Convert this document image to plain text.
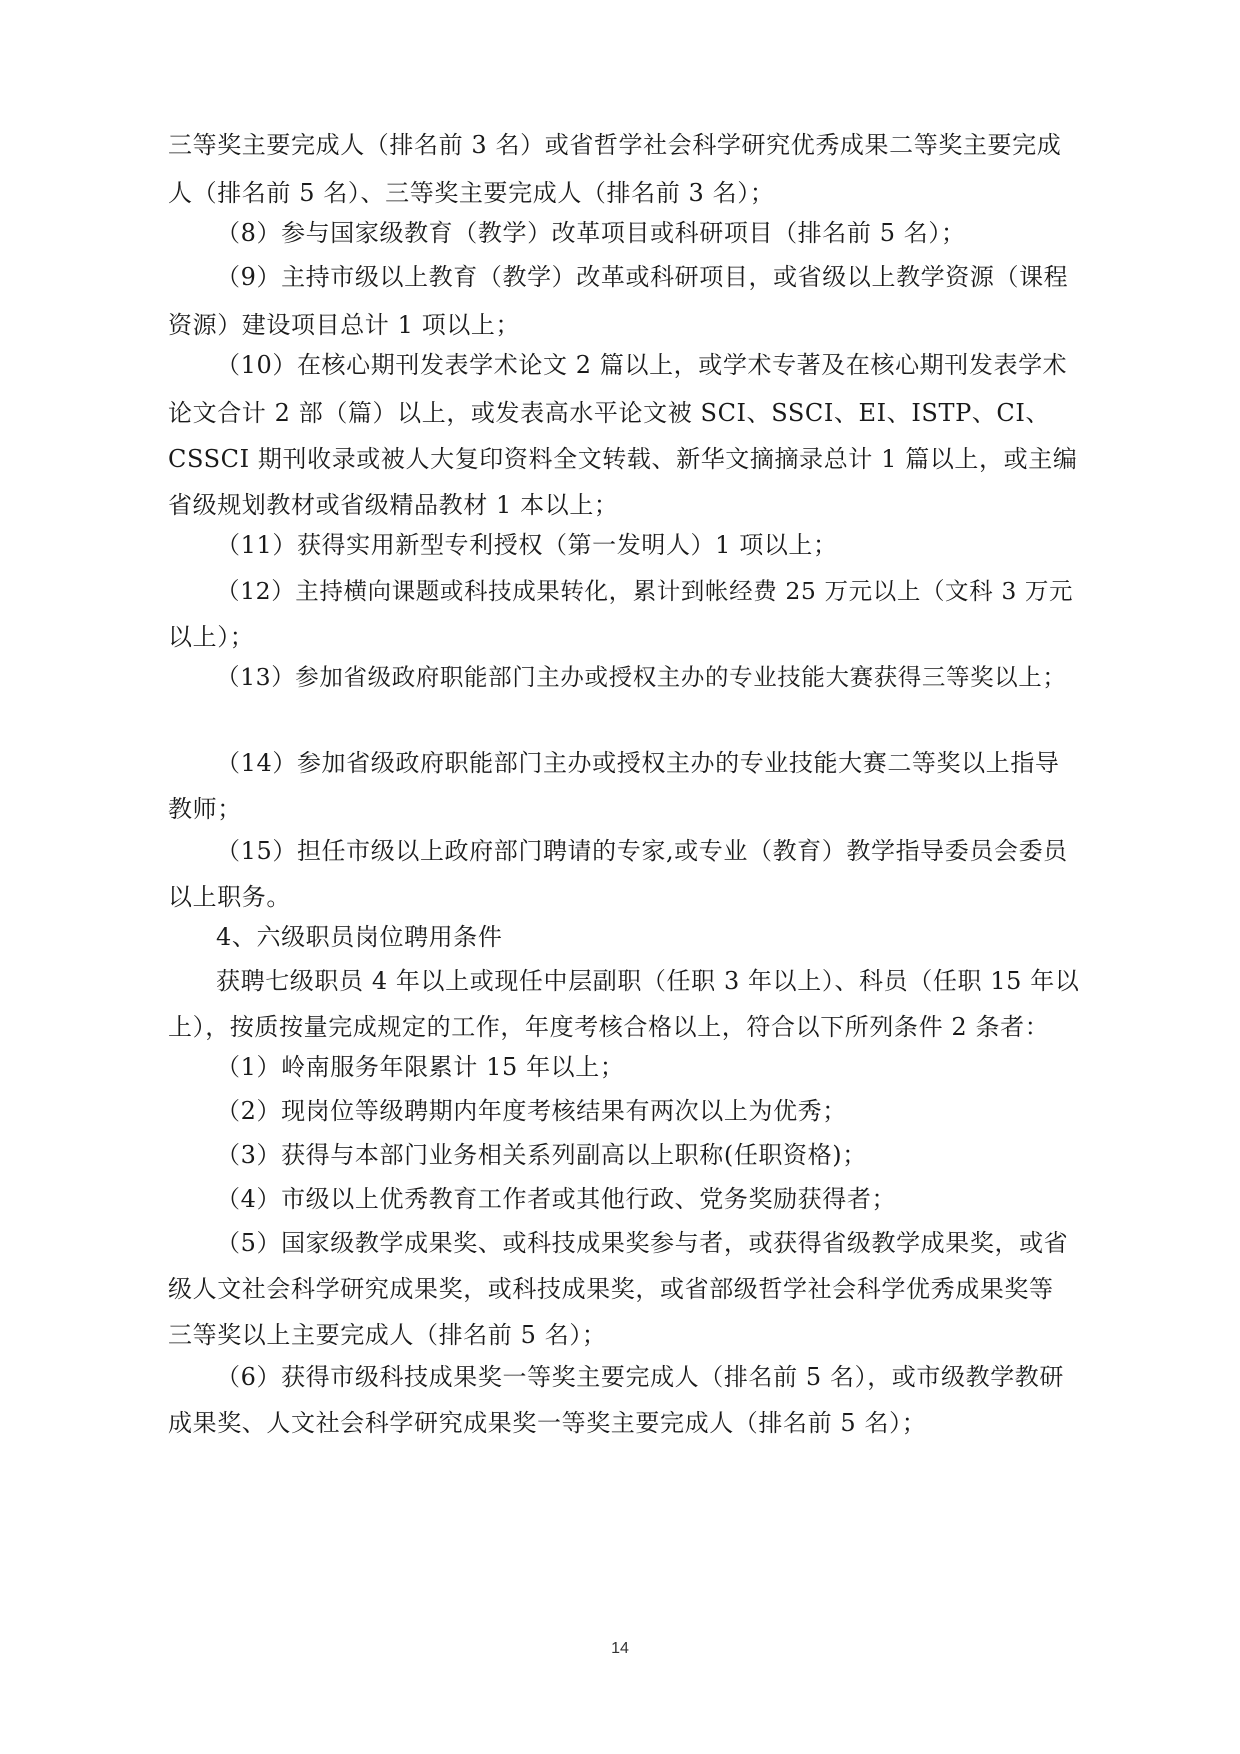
三等奖主要完成人（排名前 3 名）或省哲学社会科学研究优秀成果二等奖主要完成
人（排名前 5 名）、三等奖主要完成人（排名前 3 名）；
（8）参与国家级教育（教学）改革项目或科研项目（排名前 5 名）；
（9）主持市级以上教育（教学）改革或科研项目，或省级以上教学资源（课程
资源）建设项目总计 1 项以上；
（10）在核心期刊发表学术论文 2 篇以上，或学术专著及在核心期刊发表学术
论文合计 2 部（篇）以上，或发表高水平论文被 SCI、SSCI、EI、ISTP、CI、
CSSCI 期刊收录或被人大复印资料全文转载、新华文摘摘录总计 1 篇以上，或主编
省级规划教材或省级精品教材 1 本以上；
（11）获得实用新型专利授权（第一发明人）1 项以上；
（12）主持横向课题或科技成果转化，累计到帐经费 25 万元以上（文科 3 万元
以上）；
（13）参加省级政府职能部门主办或授权主办的专业技能大赛获得三等奖以上；
（14）参加省级政府职能部门主办或授权主办的专业技能大赛二等奖以上指导
教师；
（15）担任市级以上政府部门聘请的专家,或专业（教育）教学指导委员会委员
以上职务。
4、六级职员岗位聘用条件
获聘七级职员 4 年以上或现任中层副职（任职 3 年以上）、科员（任职 15 年以
上），按质按量完成规定的工作，年度考核合格以上，符合以下所列条件 2 条者：
（1）岭南服务年限累计 15 年以上；
（2）现岗位等级聘期内年度考核结果有两次以上为优秀；
（3）获得与本部门业务相关系列副高以上职称(任职资格)；
（4）市级以上优秀教育工作者或其他行政、党务奖励获得者；
（5）国家级教学成果奖、或科技成果奖参与者，或获得省级教学成果奖，或省
级人文社会科学研究成果奖，或科技成果奖，或省部级哲学社会科学优秀成果奖等
三等奖以上主要完成人（排名前 5 名）；
（6）获得市级科技成果奖一等奖主要完成人（排名前 5 名），或市级教学教研
成果奖、人文社会科学研究成果奖一等奖主要完成人（排名前 5 名）；
14
